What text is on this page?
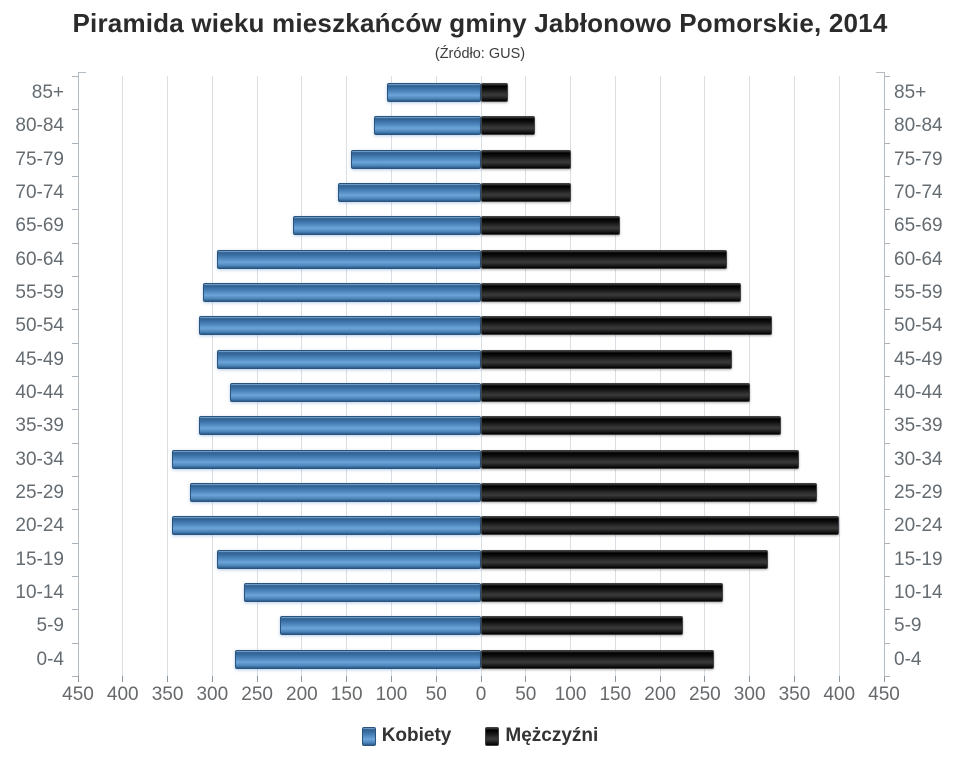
Piramida wieku mieszkańców gminy Jabłonowo Pomorskie, 2014
(Źródło: GUS)
85+
80-84
75-79
70-74
65-69
60-64
55-59
50-54
45-49
40-44
35-39
30-34
25-29
20-24
15-19
10-14
5-9
0-4
85+
80-84
75-79
70-74
65-69
60-64
55-59
50-54
45-49
40-44
35-39
30-34
25-29
20-24
15-19
10-14
5-9
0-4
450 400 350 300 250 200 150 100 50 0 50 100 150 200 250 300 350 400 450
Kobiety	Mężczyźni
